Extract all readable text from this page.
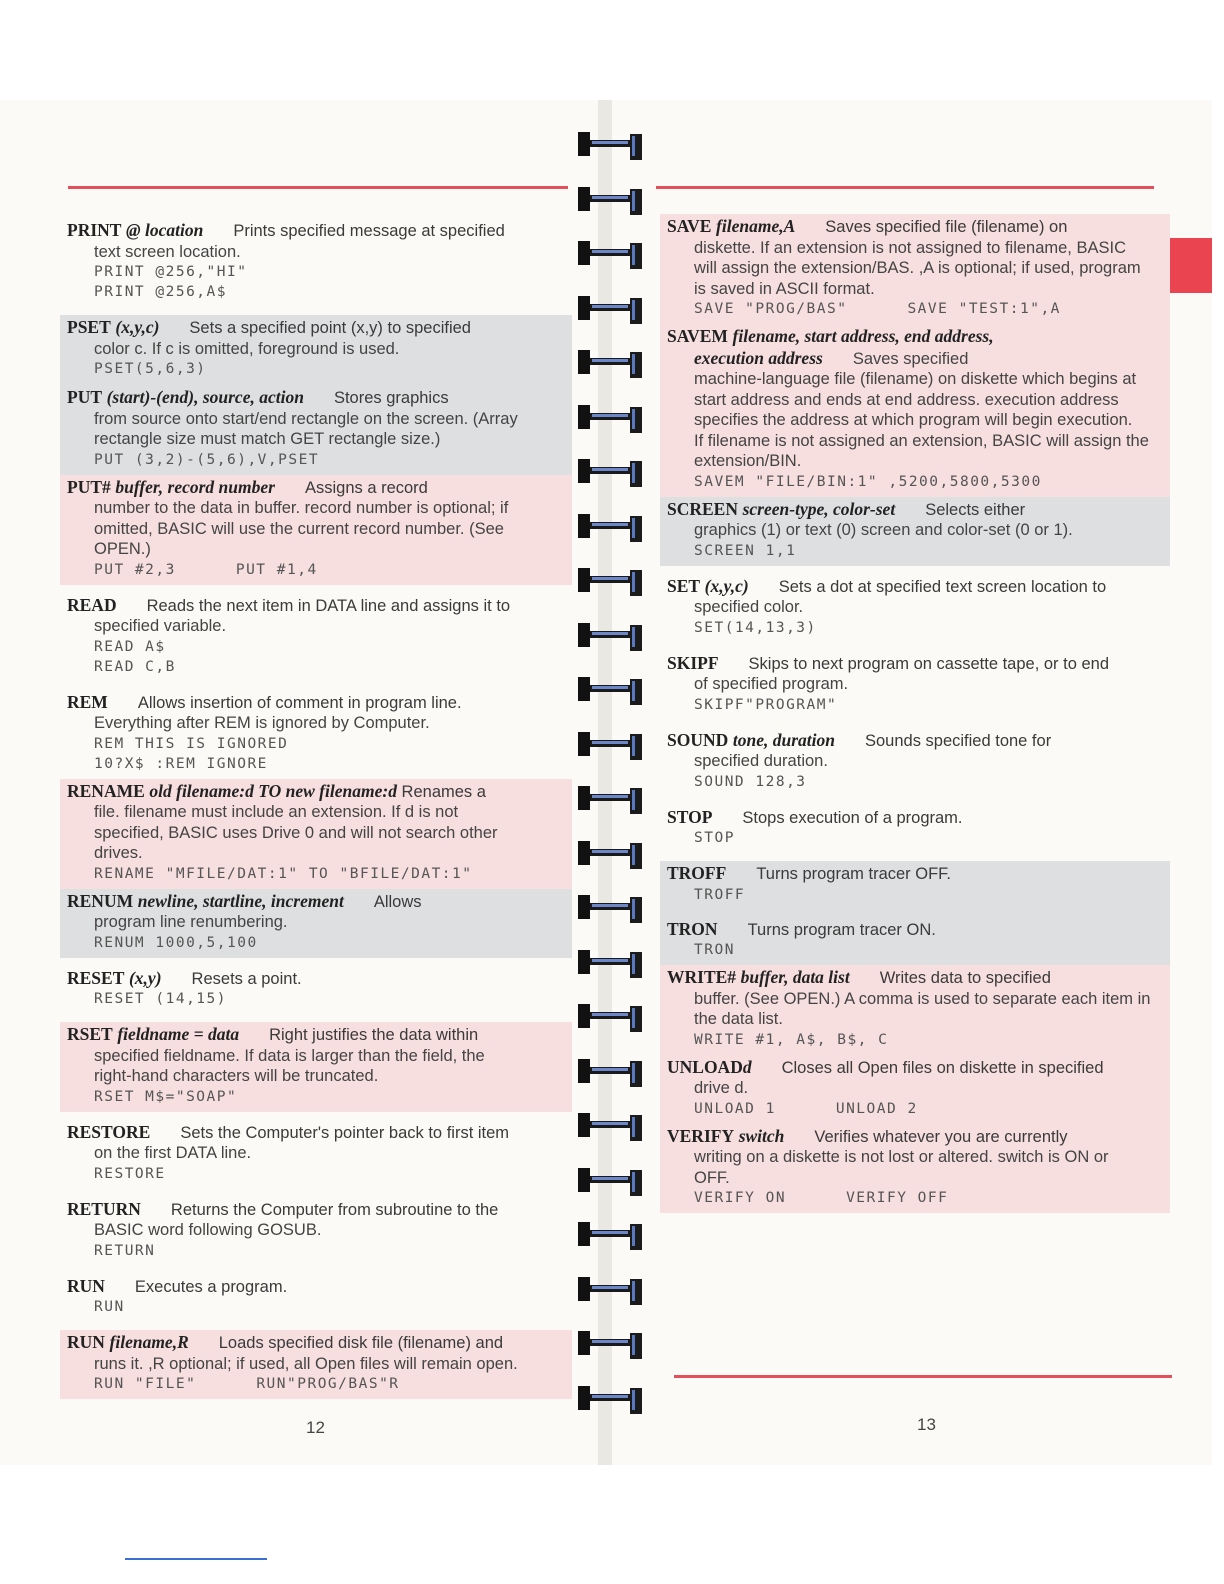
PRINT @ location Prints specified message at specified
text screen location.
PRINT @256,"HI"
PRINT @256,A$
PSET (x,y,c) Sets a specified point (x,y) to specified
color c. If c is omitted, foreground is used.
PSET(5,6,3)
PUT (start)-(end), source, action Stores graphics
from source onto start/end rectangle on the screen. (Array
rectangle size must match GET rectangle size.)
PUT (3,2)-(5,6),V,PSET
PUT# buffer, record number Assigns a record
number to the data in buffer. record number is optional; if
omitted, BASIC will use the current record number. (See
OPEN.)
PUT #2,3	PUT #1,4
READ Reads the next item in DATA line and assigns it to
specified variable.
READ A$
READ C,B
REM Allows insertion of comment in program line.
Everything after REM is ignored by Computer.
REM THIS IS IGNORED
10?X$ :REM IGNORE
RENAME old filename:d TO new filename:d Renames a
file. filename must include an extension. If d is not
specified, BASIC uses Drive 0 and will not search other
drives.
RENAME "MFILE/DAT:1" TO "BFILE/DAT:1"
RENUM newline, startline, increment Allows
program line renumbering.
RENUM 1000,5,100
RESET (x,y) Resets a point.
RESET (14,15)
RSET fieldname = data Right justifies the data within
specified fieldname. If data is larger than the field, the
right-hand characters will be truncated.
RSET M$="SOAP"
RESTORE Sets the Computer's pointer back to first item
on the first DATA line.
RESTORE
RETURN Returns the Computer from subroutine to the
BASIC word following GOSUB.
RETURN
RUN Executes a program.
RUN
RUN filename,R Loads specified disk file (filename) and
runs it. ,R optional; if used, all Open files will remain open.
RUN "FILE"	RUN"PROG/BAS"R
SAVE filename,A Saves specified file (filename) on
diskette. If an extension is not assigned to filename, BASIC
will assign the extension/BAS. ,A is optional; if used, program
is saved in ASCII format.
SAVE "PROG/BAS"	SAVE "TEST:1",A
SAVEM filename, start address, end address,
execution address Saves specified
machine-language file (filename) on diskette which begins at
start address and ends at end address. execution address
specifies the address at which program will begin execution.
If filename is not assigned an extension, BASIC will assign the
extension/BIN.
SAVEM "FILE/BIN:1" ,5200,5800,5300
SCREEN screen-type, color-set Selects either
graphics (1) or text (0) screen and color-set (0 or 1).
SCREEN 1,1
SET (x,y,c) Sets a dot at specified text screen location to
specified color.
SET(14,13,3)
SKIPF Skips to next program on cassette tape, or to end
of specified program.
SKIPF"PROGRAM"
SOUND tone, duration Sounds specified tone for
specified duration.
SOUND 128,3
STOP Stops execution of a program.
STOP
TROFF Turns program tracer OFF.
TROFF
TRON Turns program tracer ON.
TRON
WRITE# buffer, data list Writes data to specified
buffer. (See OPEN.) A comma is used to separate each item in
the data list.
WRITE #1, A$, B$, C
UNLOADd Closes all Open files on diskette in specified
drive d.
UNLOAD 1	UNLOAD 2
VERIFY switch Verifies whatever you are currently
writing on a diskette is not lost or altered. switch is ON or
OFF.
VERIFY ON	VERIFY OFF
12	13
